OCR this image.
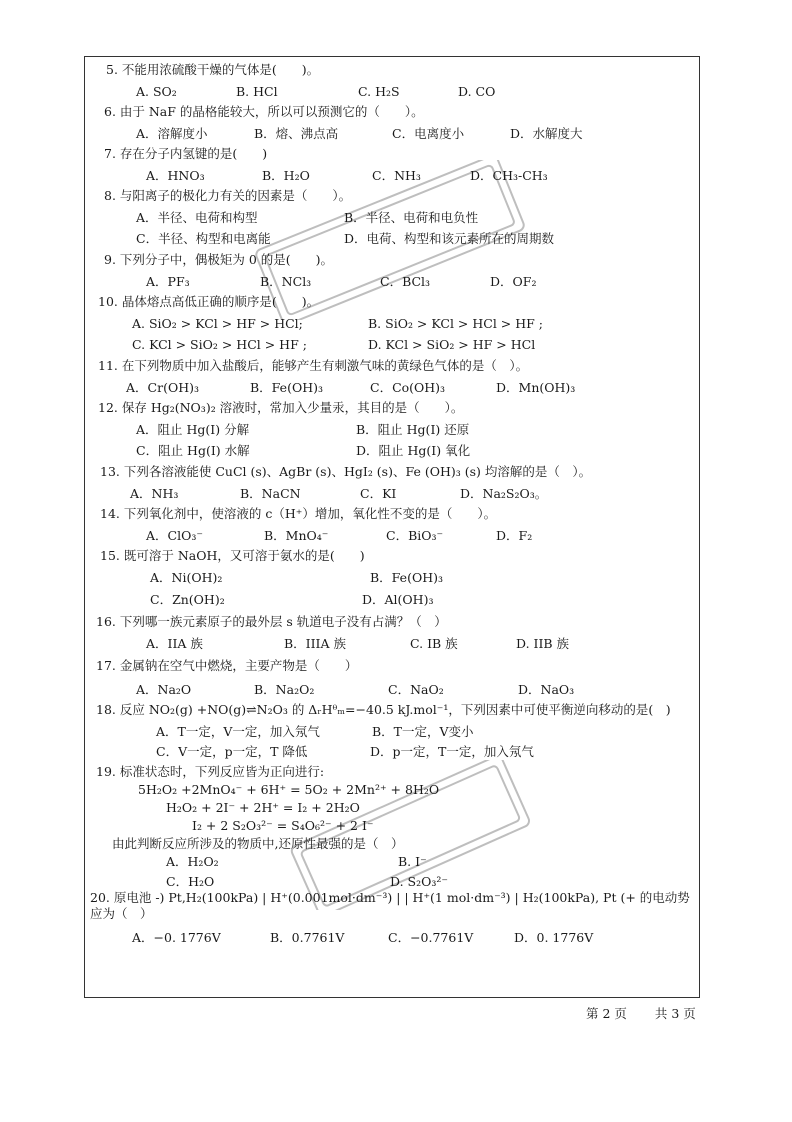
5. 不能用浓硫酸干燥的气体是(　　)。
A. SO₂	B. HCl	C. H₂S	D. CO
6. 由于 NaF 的晶格能较大，所以可以预测它的（　　）。
A．溶解度小	B．熔、沸点高	C．电离度小	D．水解度大
7. 存在分子内氢键的是(　　)
A．HNO₃	B．H₂O	C．NH₃	D．CH₃-CH₃
8. 与阳离子的极化力有关的因素是（　　）。
A．半径、电荷和构型	B．半径、电荷和电负性
C．半径、构型和电离能	D．电荷、构型和该元素所在的周期数
9. 下列分子中，偶极矩为 0 的是(　　)。
A．PF₃	B．NCl₃	C．BCl₃	D．OF₂
10. 晶体熔点高低正确的顺序是(　　)。
A. SiO₂ > KCl > HF > HCl;	B. SiO₂ > KCl > HCl > HF ;
C. KCl > SiO₂ > HCl > HF ;	D. KCl > SiO₂ > HF > HCl
11. 在下列物质中加入盐酸后，能够产生有刺激气味的黄绿色气体的是（　）。
A．Cr(OH)₃	B．Fe(OH)₃	C．Co(OH)₃	D．Mn(OH)₃
12. 保存 Hg₂(NO₃)₂ 溶液时，常加入少量汞，其目的是（　　）。
A．阻止 Hg(I) 分解	B．阻止 Hg(I) 还原
C．阻止 Hg(I) 水解	D．阻止 Hg(I) 氧化
13. 下列各溶液能使 CuCl (s)、AgBr (s)、HgI₂ (s)、Fe (OH)₃ (s) 均溶解的是（　）。
A．NH₃	B．NaCN	C．KI	D．Na₂S₂O₃。
14. 下列氧化剂中，使溶液的 c（H⁺）增加，氧化性不变的是（　　）。
A．ClO₃⁻	B．MnO₄⁻	C．BiO₃⁻	D．F₂
15. 既可溶于 NaOH，又可溶于氨水的是(　　)
A．Ni(OH)₂	B．Fe(OH)₃
C．Zn(OH)₂	D．Al(OH)₃
16. 下列哪一族元素原子的最外层 s 轨道电子没有占满？（　）
A．IIA 族	B．IIIA 族	C. IB 族	D. IIB 族
17. 金属钠在空气中燃烧，主要产物是（　　）
A．Na₂O	B．Na₂O₂	C．NaO₂	D．NaO₃
18. 反应 NO₂(g) +NO(g)⇌N₂O₃ 的 ΔᵣHᶿₘ=−40.5 kJ.mol⁻¹，下列因素中可使平衡逆向移动的是(　)
A．T一定，V一定，加入氖气	B．T一定，V变小
C．V一定，p一定，T 降低	D．p一定，T一定，加入氖气
19. 标准状态时，下列反应皆为正向进行:
5H₂O₂ +2MnO₄⁻ + 6H⁺ = 5O₂ + 2Mn²⁺ + 8H₂O
H₂O₂ + 2I⁻ + 2H⁺ = I₂ + 2H₂O
I₂ + 2 S₂O₃²⁻ = S₄O₆²⁻ + 2 I⁻
由此判断反应所涉及的物质中,还原性最强的是（　）
A．H₂O₂	B. I⁻
C．H₂O	D. S₂O₃²⁻
20. 原电池 -) Pt,H₂(100kPa) | H⁺(0.001mol·dm⁻³) | | H⁺(1 mol·dm⁻³) | H₂(100kPa), Pt (+ 的电动势应为（　）
A．−0. 1776V	B．0.7761V	C．−0.7761V	D．0. 1776V
第 2 页 共 3 页
